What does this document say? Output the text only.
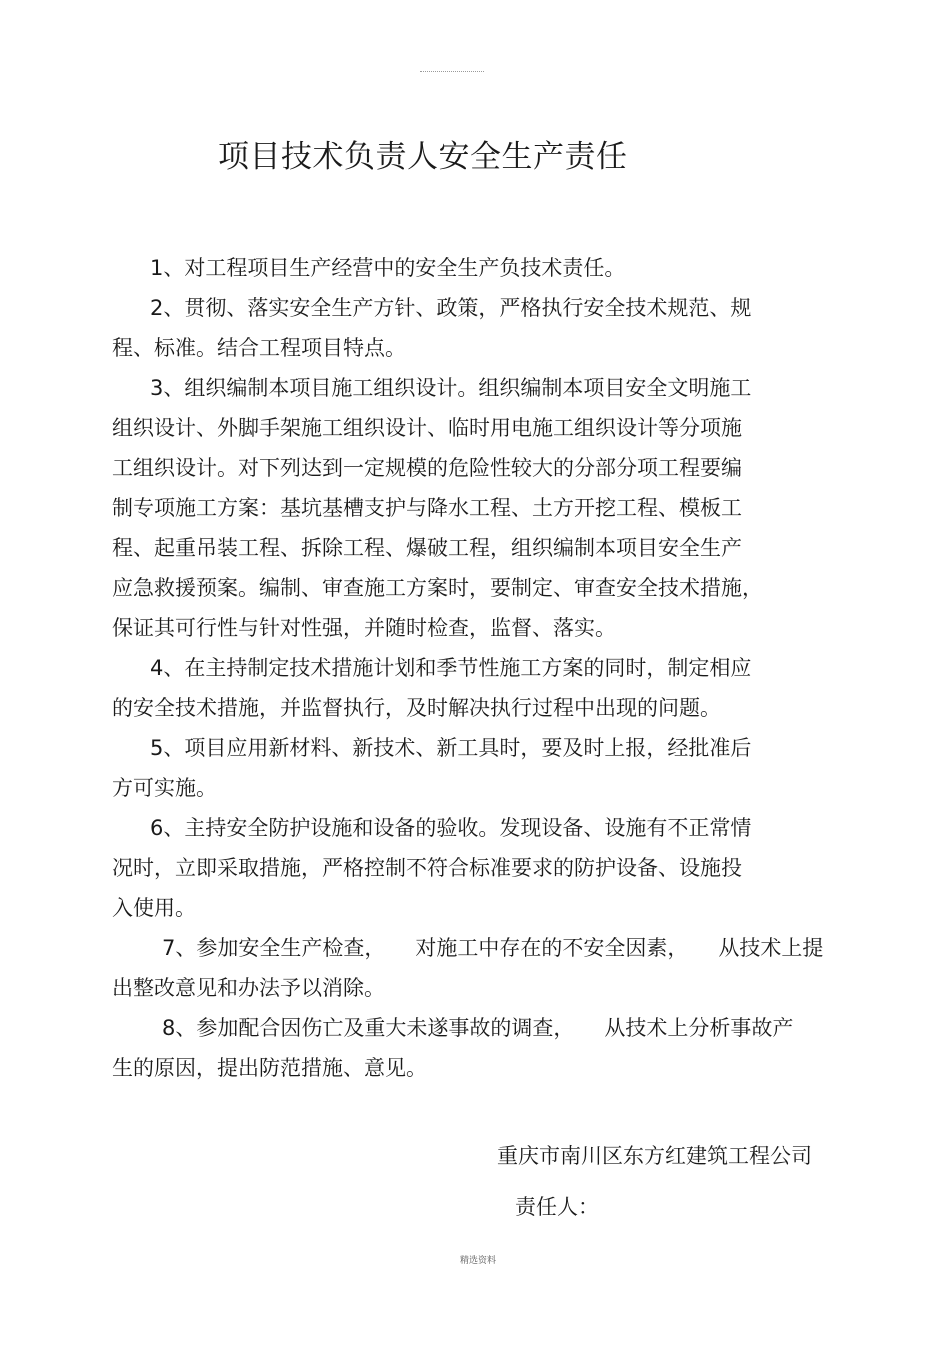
项目技术负责人安全生产责任
1、对工程项目生产经营中的安全生产负技术责任。
2、贯彻、落实安全生产方针、政策，严格执行安全技术规范、规
程、标准。结合工程项目特点。
3、组织编制本项目施工组织设计。组织编制本项目安全文明施工
组织设计、外脚手架施工组织设计、临时用电施工组织设计等分项施
工组织设计。对下列达到一定规模的危险性较大的分部分项工程要编
制专项施工方案：基坑基槽支护与降水工程、土方开挖工程、模板工
程、起重吊装工程、拆除工程、爆破工程，组织编制本项目安全生产
应急救援预案。编制、审查施工方案时，要制定、审查安全技术措施，
保证其可行性与针对性强，并随时检查，监督、落实。
4、在主持制定技术措施计划和季节性施工方案的同时，制定相应
的安全技术措施，并监督执行，及时解决执行过程中出现的问题。
5、项目应用新材料、新技术、新工具时，要及时上报，经批准后
方可实施。
6、主持安全防护设施和设备的验收。发现设备、设施有不正常情
况时，立即采取措施，严格控制不符合标准要求的防护设备、设施投
入使用。
7、参加安全生产检查， 对施工中存在的不安全因素， 从技术上提
出整改意见和办法予以消除。
8、参加配合因伤亡及重大未遂事故的调查， 从技术上分析事故产
生的原因，提出防范措施、意见。
重庆市南川区东方红建筑工程公司
责任人：
精选资料
